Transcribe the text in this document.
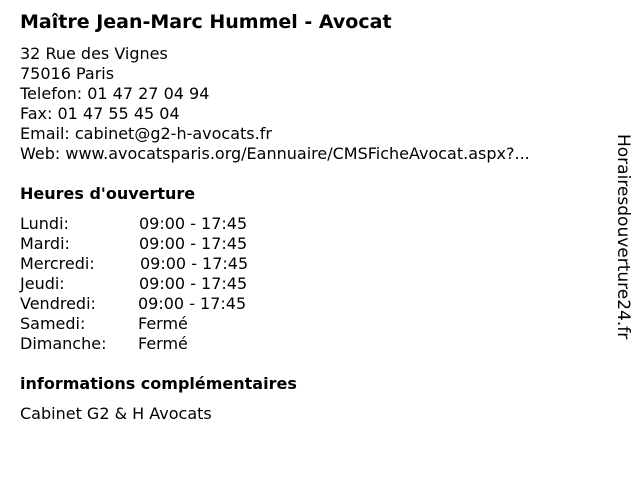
Maître Jean-Marc Hummel - Avocat
32 Rue des Vignes
75016 Paris
Telefon: 01 47 27 04 94
Fax: 01 47 55 45 04
Email: cabinet@g2-h-avocats.fr
Web: www.avocatsparis.org/Eannuaire/CMSFicheAvocat.aspx?...
Heures d'ouverture
Lundi:	09:00 - 17:45
Mardi:	09:00 - 17:45
Mercredi:	09:00 - 17:45
Jeudi:	09:00 - 17:45
Vendredi:	09:00 - 17:45
Samedi:	Fermé
Dimanche: Fermé
informations complémentaires
Cabinet G2 & H Avocats
Horairesdouverture24.fr
